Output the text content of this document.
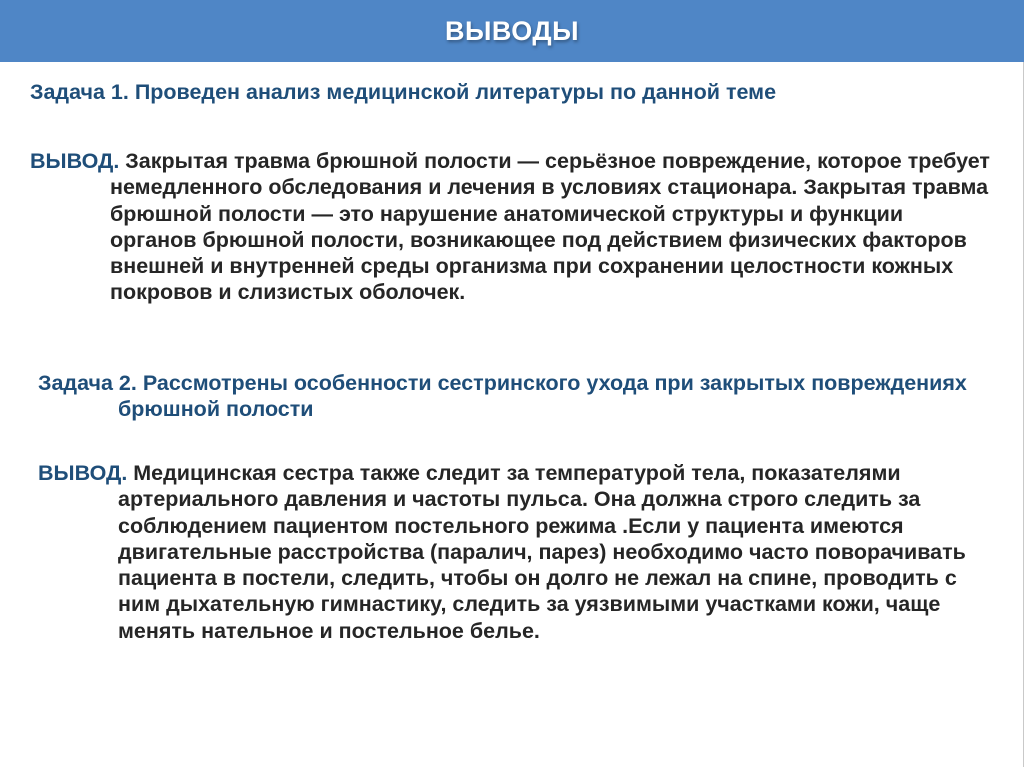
ВЫВОДЫ
Задача 1. Проведен анализ медицинской литературы по данной теме
ВЫВОД. Закрытая травма брюшной полости — серьёзное повреждение, которое требует немедленного обследования и лечения в условиях стационара. Закрытая травма брюшной полости — это нарушение анатомической структуры и функции органов брюшной полости, возникающее под действием физических факторов внешней и внутренней среды организма при сохранении целостности кожных покровов и слизистых оболочек.
Задача 2. Рассмотрены особенности сестринского ухода при закрытых повреждениях брюшной полости
ВЫВОД. Медицинская сестра также следит за температурой тела, показателями артериального давления и частоты пульса. Она должна строго следить за соблюдением пациентом постельного режима .Если у пациента имеются двигательные расстройства (паралич, парез) необходимо часто поворачивать пациента в постели, следить, чтобы он долго не лежал на спине, проводить с ним дыхательную гимнастику, следить за уязвимыми участками кожи, чаще менять нательное и постельное белье.
